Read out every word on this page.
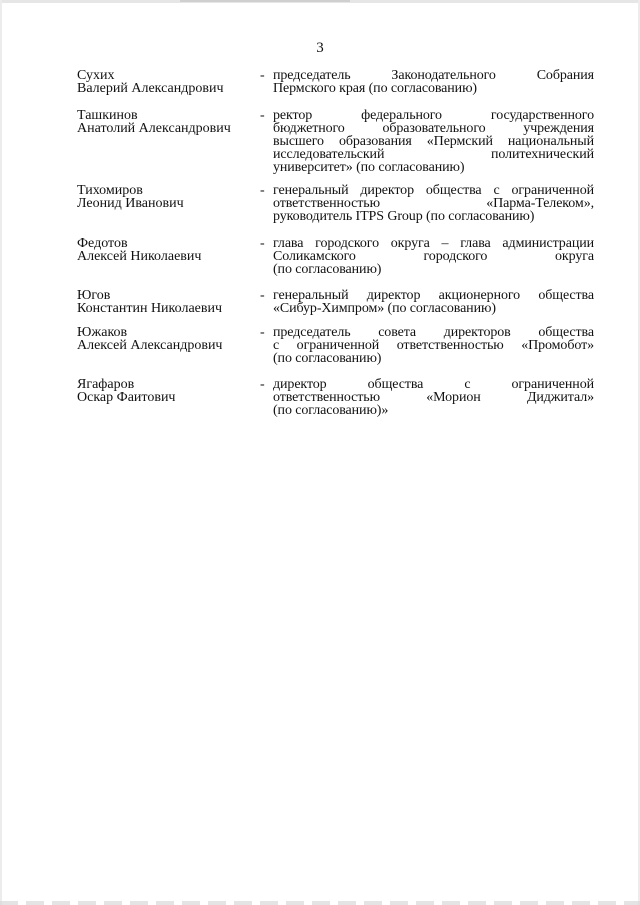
3
Сухих
Валерий Александрович
- председатель Законодательного Собрания
Пермского края (по согласованию)
Ташкинов
Анатолий Александрович
- ректор федерального государственного
бюджетного образовательного учреждения
высшего образования «Пермский национальный
исследовательский политехнический
университет» (по согласованию)
Тихомиров
Леонид Иванович
- генеральный директор общества с ограниченной
ответственностью «Парма-Телеком»,
руководитель ITPS Group (по согласованию)
Федотов
Алексей Николаевич
- глава городского округа – глава администрации
Соликамского городского округа
(по согласованию)
Югов
Константин Николаевич
- генеральный директор акционерного общества
«Сибур-Химпром» (по согласованию)
Южаков
Алексей Александрович
- председатель совета директоров общества
с ограниченной ответственностью «Промобот»
(по согласованию)
Ягафаров
Оскар Фаитович
- директор общества с ограниченной
ответственностью «Морион Диджитал»
(по согласованию)»
